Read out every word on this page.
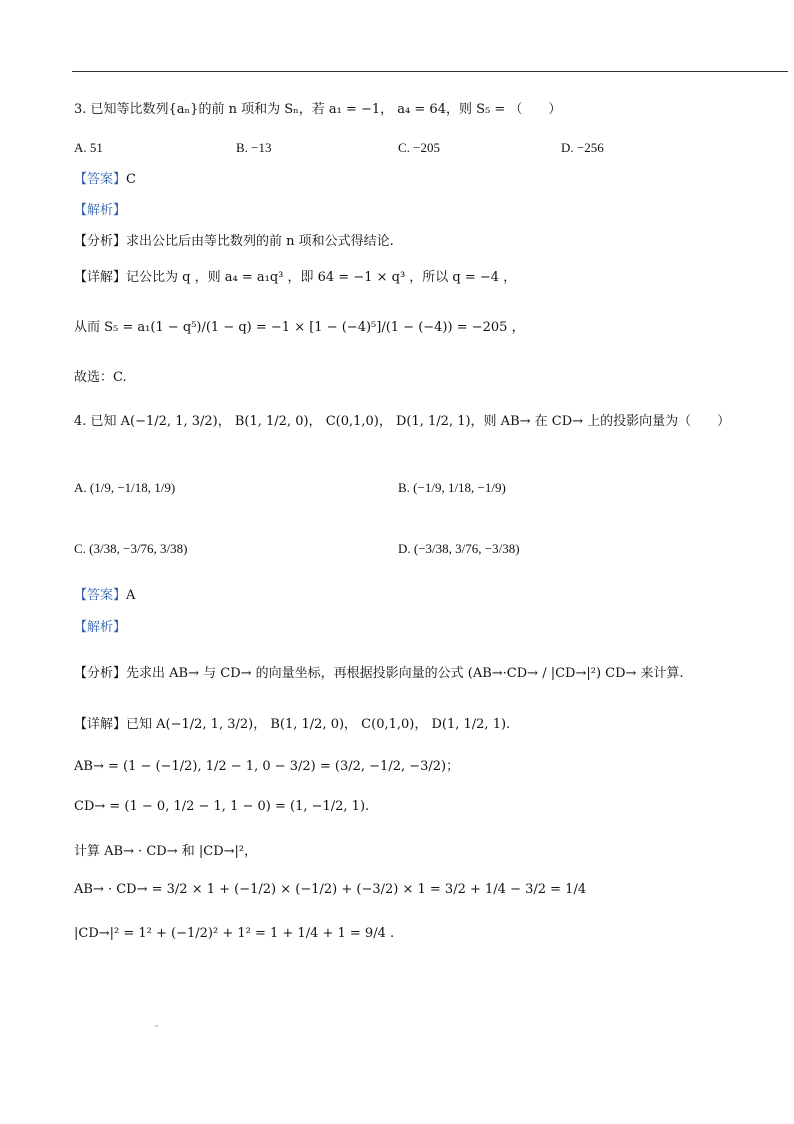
3. 已知等比数列{aₙ}的前 n 项和为 Sₙ，若 a₁ = −1， a₄ = 64，则 S₅ = （　　）
A. 51	B. −13	C. −205	D. −256
【答案】C
【解析】
【分析】求出公比后由等比数列的前 n 项和公式得结论.
【详解】记公比为 q ，则 a₄ = a₁q³ ，即 64 = −1 × q³ ，所以 q = −4 ，
从而 S₅ = a₁(1 − q⁵)/(1 − q) = −1 × [1 − (−4)⁵]/(1 − (−4)) = −205 ，
故选：C.
4. 已知 A(−1/2, 1, 3/2)， B(1, 1/2, 0)， C(0,1,0)， D(1, 1/2, 1)，则 AB→ 在 CD→ 上的投影向量为（　　）
A. (1/9, −1/18, 1/9)	B. (−1/9, 1/18, −1/9)
C. (3/38, −3/76, 3/38)	D. (−3/38, 3/76, −3/38)
【答案】A
【解析】
【分析】先求出 AB→ 与 CD→ 的向量坐标，再根据投影向量的公式 (AB→·CD→ / |CD→|²) CD→ 来计算.
【详解】已知 A(−1/2, 1, 3/2)， B(1, 1/2, 0)， C(0,1,0)， D(1, 1/2, 1).
AB→ = (1 − (−1/2), 1/2 − 1, 0 − 3/2) = (3/2, −1/2, −3/2)；
CD→ = (1 − 0, 1/2 − 1, 1 − 0) = (1, −1/2, 1).
计算 AB→ · CD→ 和 |CD→|²，
AB→ · CD→ = 3/2 × 1 + (−1/2) × (−1/2) + (−3/2) × 1 = 3/2 + 1/4 − 3/2 = 1/4
|CD→|² = 1² + (−1/2)² + 1² = 1 + 1/4 + 1 = 9/4 .
